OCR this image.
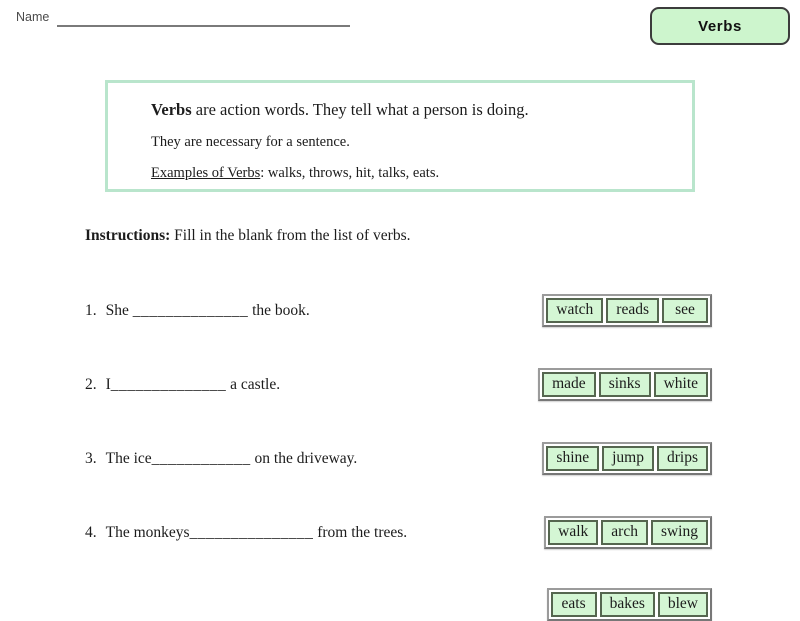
Name
Verbs

Verbs are action words. They tell what a person is doing.

They are necessary for a sentence.

Examples of Verbs: walks, throws, hit, talks, eats.

Instructions: Fill in the blank from the list of verbs.

1. She ______________ the book.	watch	reads	see
2. I______________ a castle.	made	sinks	white
3. The ice____________ on the driveway.	shine	jump	drips
4. The monkeys_______________ from the trees.	walk	arch	swing
eats	bakes	blew
